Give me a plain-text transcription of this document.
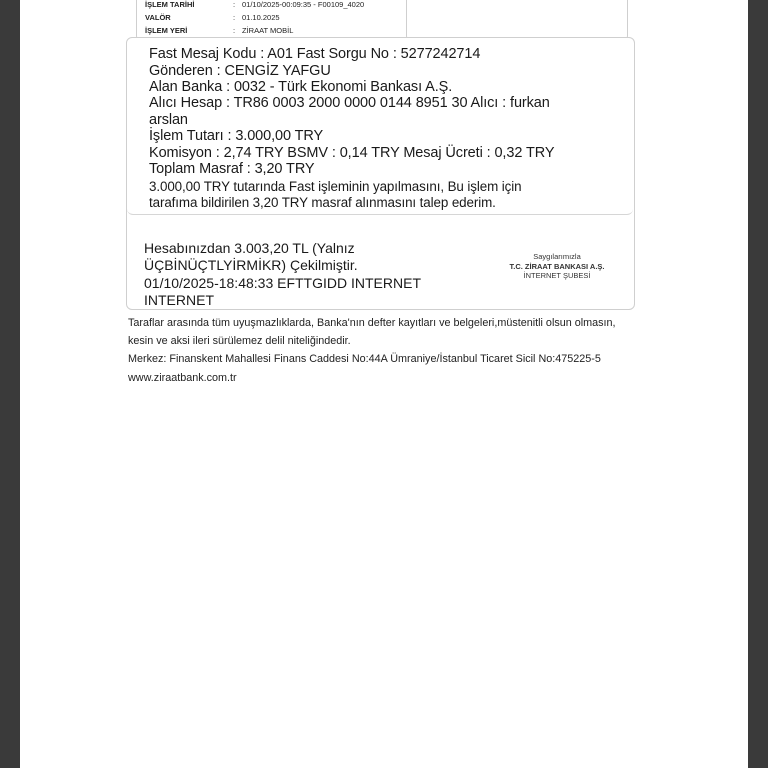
İŞLEM TARİHİ	: 01/10/2025-00:09:35 - F00109_4020
VALÖR	: 01.10.2025
İŞLEM YERİ	: ZİRAAT MOBİL
Fast Mesaj Kodu : A01 Fast Sorgu No : 5277242714
Gönderen : CENGİZ YAFGU
Alan Banka : 0032 - Türk Ekonomi Bankası A.Ş.
Alıcı Hesap : TR86 0003 2000 0000 0144 8951 30 Alıcı : furkan
arslan
İşlem Tutarı : 3.000,00 TRY
Komisyon : 2,74 TRY BSMV : 0,14 TRY Mesaj Ücreti : 0,32 TRY
Toplam Masraf : 3,20 TRY
3.000,00 TRY tutarında Fast işleminin yapılmasını, Bu işlem için
tarafıma bildirilen 3,20 TRY masraf alınmasını talep ederim.
Hesabınızdan 3.003,20 TL (Yalnız
ÜÇBİNÜÇTLYİRMİKR) Çekilmiştir.
01/10/2025-18:48:33 EFTTGIDD INTERNET
INTERNET
Saygılarımızla
T.C. ZİRAAT BANKASI A.Ş.
İNTERNET ŞUBESİ
Taraflar arasında tüm uyuşmazlıklarda, Banka'nın defter kayıtları ve belgeleri,müstenitli olsun olmasın,
kesin ve aksi ileri sürülemez delil niteliğindedir.
Merkez: Finanskent Mahallesi Finans Caddesi No:44A Ümraniye/İstanbul Ticaret Sicil No:475225-5
www.ziraatbank.com.tr
